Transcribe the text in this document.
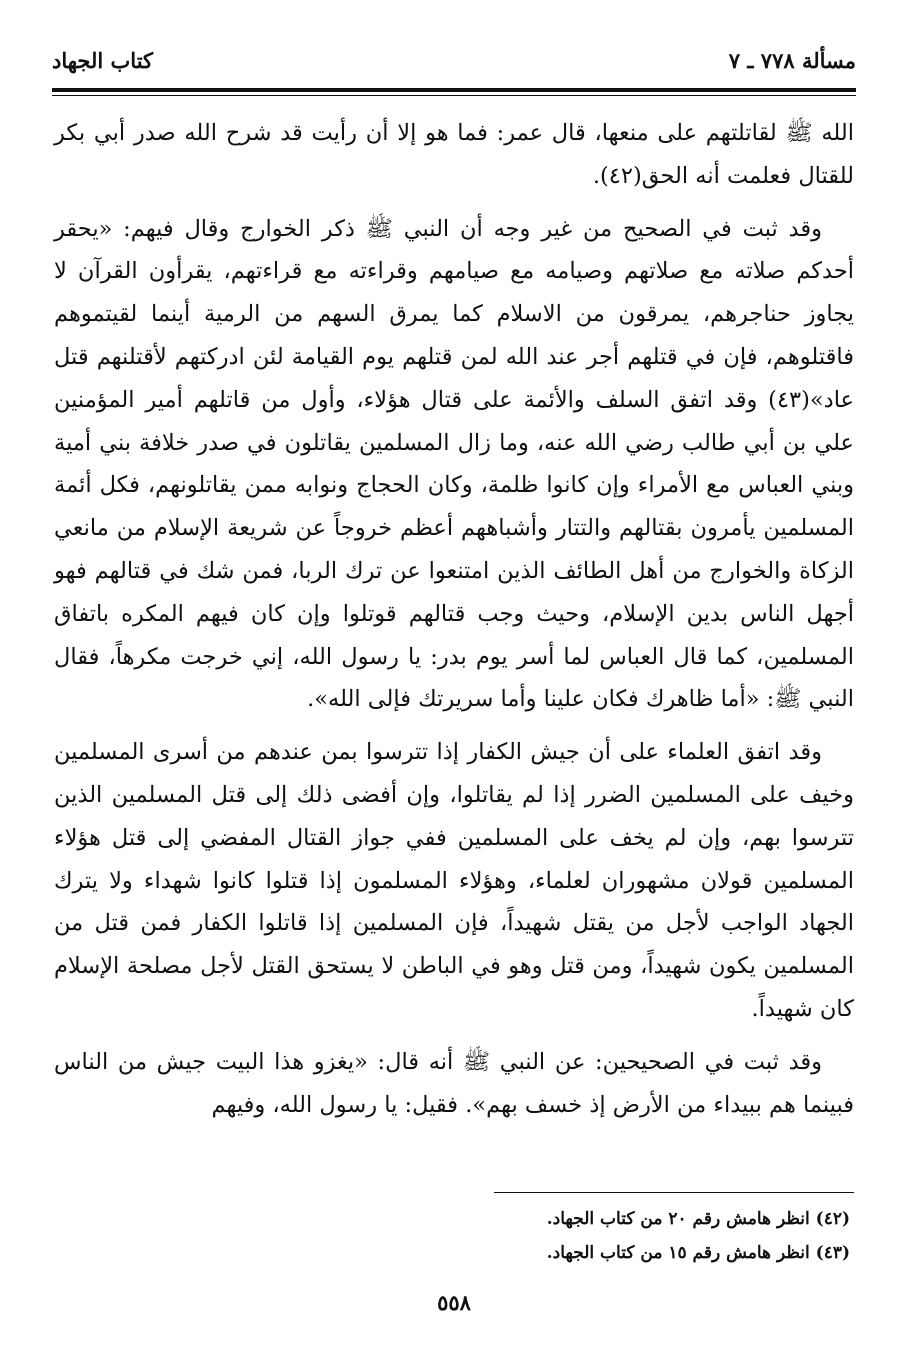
مسألة ٧٧٨ ـ ٧
كتاب الجهاد

الله ﷺ لقاتلتهم على منعها، قال عمر: فما هو إلا أن رأيت قد شرح الله صدر أبي بكر للقتال فعلمت أنه الحق(٤٢).

وقد ثبت في الصحيح من غير وجه أن النبي ﷺ ذكر الخوارج وقال فيهم: «يحقر أحدكم صلاته مع صلاتهم وصيامه مع صيامهم وقراءته مع قراءتهم، يقرأون القرآن لا يجاوز حناجرهم، يمرقون من الاسلام كما يمرق السهم من الرمية أينما لقيتموهم فاقتلوهم، فإن في قتلهم أجر عند الله لمن قتلهم يوم القيامة لئن ادركتهم لأقتلنهم قتل عاد»(٤٣) وقد اتفق السلف والأئمة على قتال هؤلاء، وأول من قاتلهم أمير المؤمنين علي بن أبي طالب رضي الله عنه، وما زال المسلمين يقاتلون في صدر خلافة بني أمية وبني العباس مع الأمراء وإن كانوا ظلمة، وكان الحجاج ونوابه ممن يقاتلونهم، فكل أئمة المسلمين يأمرون بقتالهم والتتار وأشباههم أعظم خروجاً عن شريعة الإسلام من مانعي الزكاة والخوارج من أهل الطائف الذين امتنعوا عن ترك الربا، فمن شك في قتالهم فهو أجهل الناس بدين الإسلام، وحيث وجب قتالهم قوتلوا وإن كان فيهم المكره باتفاق المسلمين، كما قال العباس لما أسر يوم بدر: يا رسول الله، إني خرجت مكرهاً، فقال النبي ﷺ: «أما ظاهرك فكان علينا وأما سريرتك فإلى الله».

وقد اتفق العلماء على أن جيش الكفار إذا تترسوا بمن عندهم من أسرى المسلمين وخيف على المسلمين الضرر إذا لم يقاتلوا، وإن أفضى ذلك إلى قتل المسلمين الذين تترسوا بهم، وإن لم يخف على المسلمين ففي جواز القتال المفضي إلى قتل هؤلاء المسلمين قولان مشهوران لعلماء، وهؤلاء المسلمون إذا قتلوا كانوا شهداء ولا يترك الجهاد الواجب لأجل من يقتل شهيداً، فإن المسلمين إذا قاتلوا الكفار فمن قتل من المسلمين يكون شهيداً، ومن قتل وهو في الباطن لا يستحق القتل لأجل مصلحة الإسلام كان شهيداً.

وقد ثبت في الصحيحين: عن النبي ﷺ أنه قال: «يغزو هذا البيت جيش من الناس فبينما هم ببيداء من الأرض إذ خسف بهم». فقيل: يا رسول الله، وفيهم

(٤٢) انظر هامش رقم ٢٠ من كتاب الجهاد.
(٤٣) انظر هامش رقم ١٥ من كتاب الجهاد.
٥٥٨
